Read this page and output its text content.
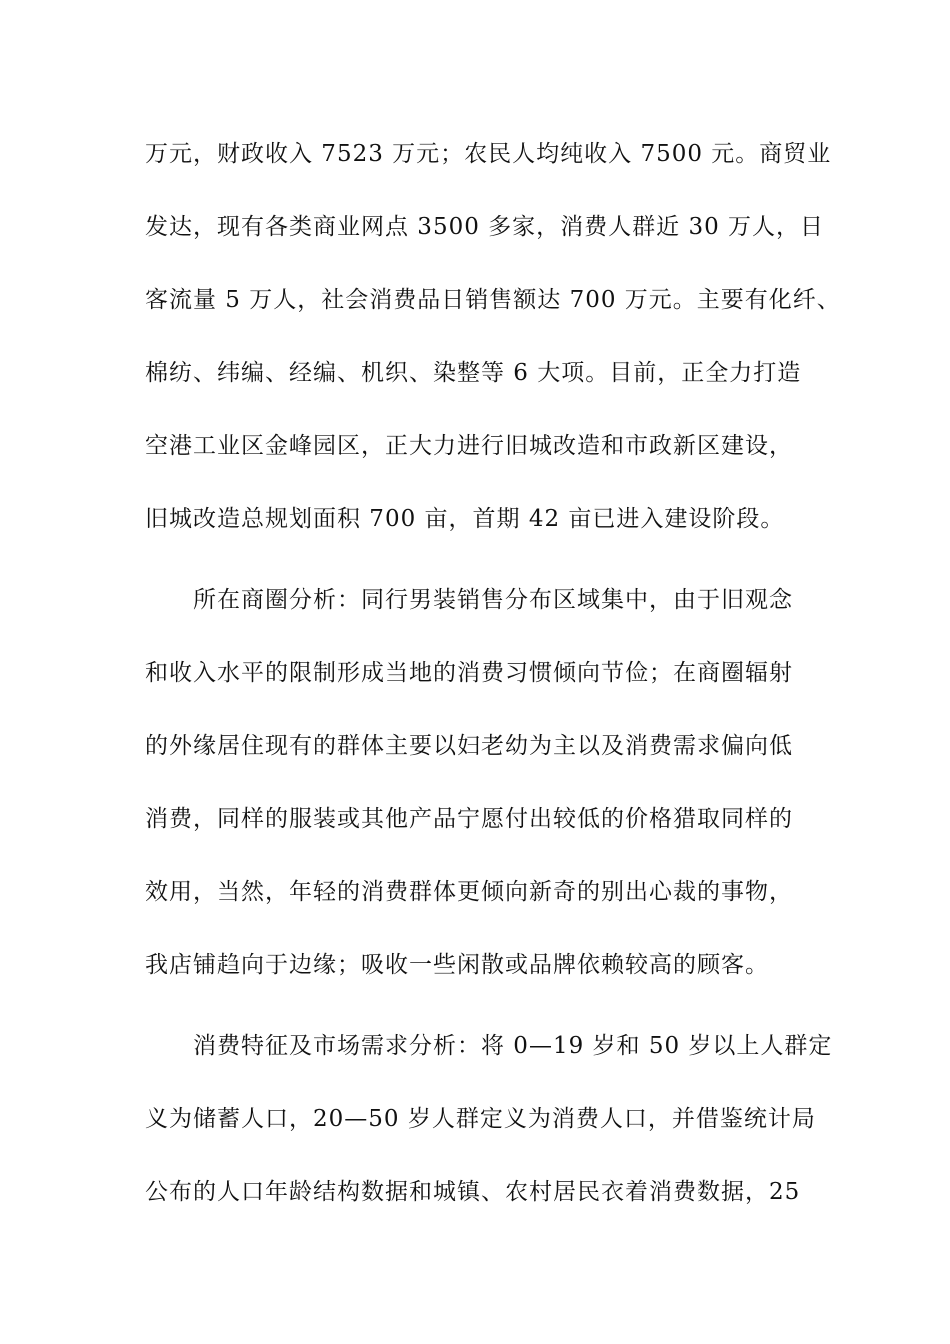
万元，财政收入 7523 万元；农民人均纯收入 7500 元。商贸业
发达，现有各类商业网点 3500 多家，消费人群近 30 万人，日
客流量 5 万人，社会消费品日销售额达 700 万元。主要有化纤、
棉纺、纬编、经编、机织、染整等 6 大项。目前，正全力打造
空港工业区金峰园区，正大力进行旧城改造和市政新区建设，
旧城改造总规划面积 700 亩，首期 42 亩已进入建设阶段。
所在商圈分析：同行男装销售分布区域集中，由于旧观念
和收入水平的限制形成当地的消费习惯倾向节俭；在商圈辐射
的外缘居住现有的群体主要以妇老幼为主以及消费需求偏向低
消费，同样的服装或其他产品宁愿付出较低的价格猎取同样的
效用，当然，年轻的消费群体更倾向新奇的别出心裁的事物，
我店铺趋向于边缘；吸收一些闲散或品牌依赖较高的顾客。
消费特征及市场需求分析：将 0—19 岁和 50 岁以上人群定
义为储蓄人口，20—50 岁人群定义为消费人口，并借鉴统计局
公布的人口年龄结构数据和城镇、农村居民衣着消费数据，25
